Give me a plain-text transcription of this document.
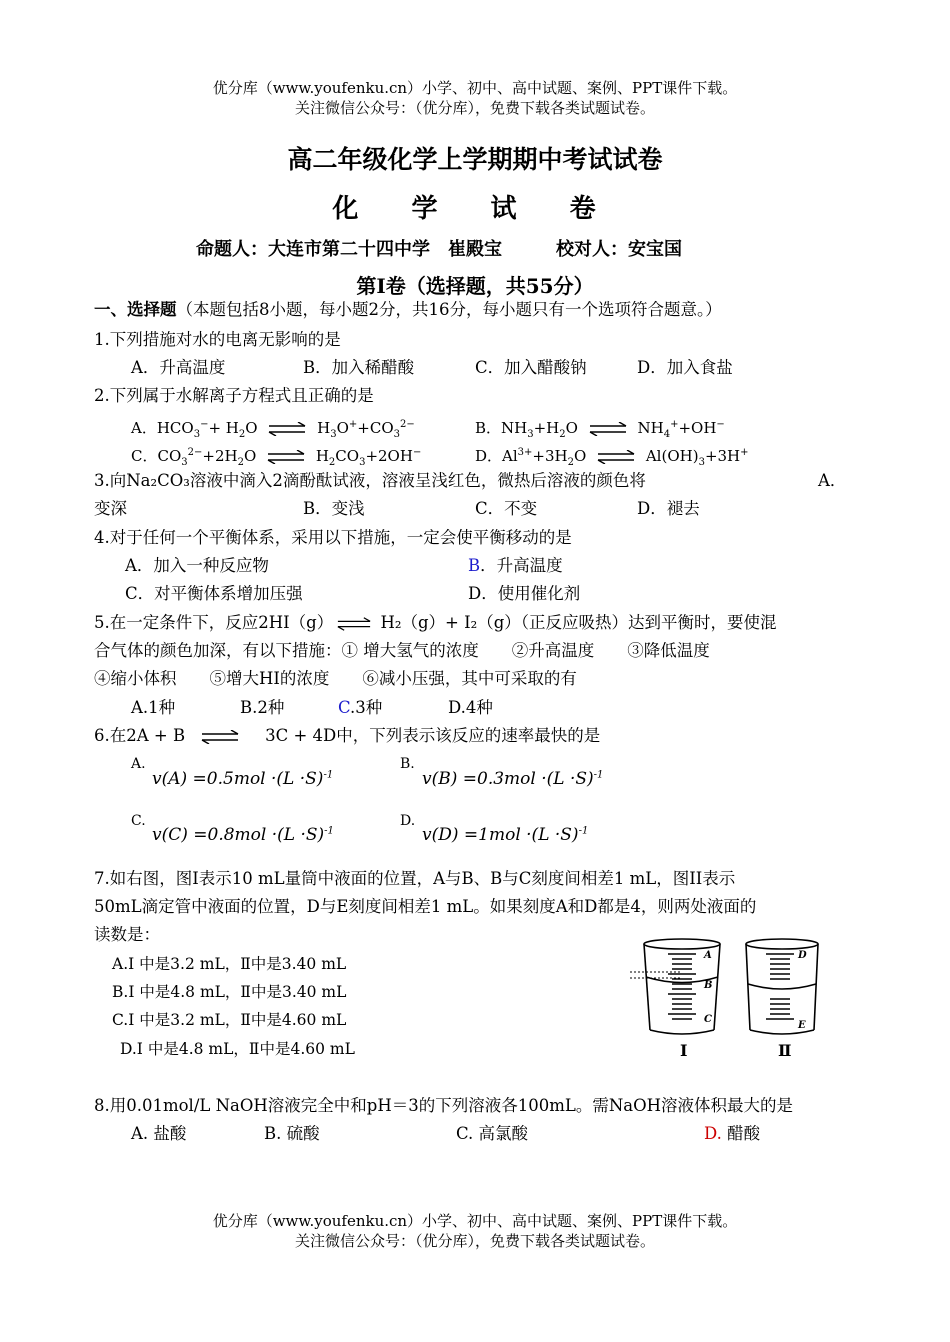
优分库（www.youfenku.cn）小学、初中、高中试题、案例、PPT课件下载。
关注微信公众号：（优分库），免费下载各类试题试卷。
高二年级化学上学期期中考试试卷
化 学 试 卷
命题人：大连市第二十四中学　崔殿宝　　　校对人：安宝国
第Ⅰ卷（选择题，共55分）
一、选择题（本题包括8小题，每小题2分，共16分，每小题只有一个选项符合题意。）
1.下列措施对水的电离无影响的是
A．升高温度	B．加入稀醋酸	C．加入醋酸钠	D．加入食盐
2.下列属于水解离子方程式且正确的是
A．$HCO_3^-+ H_2O$	$H_3O^++CO_3^{2-}$	B．$NH_3+H_2O$	$NH_4^++OH^-$
C．$CO_3^{2-}+2H_2O$	$H_2CO_3+2OH^-$	D．$Al^{3+}+3H_2O$	$Al(OH)_3+3H^+$
3.向Na₂CO₃溶液中滴入2滴酚酞试液，溶液呈浅红色，微热后溶液的颜色将	A．
变深	B．变浅	C．不变	D．褪去
4.对于任何一个平衡体系，采用以下措施，一定会使平衡移动的是
A．加入一种反应物	B．升高温度
C．对平衡体系增加压强	D．使用催化剂
5.在一定条件下，反应2HI（g）	H₂（g）+ I₂（g）（正反应吸热）达到平衡时，要使混
合气体的颜色加深，有以下措施：① 增大氢气的浓度　　②升高温度　　③降低温度
④缩小体积　　⑤增大HI的浓度　　⑥减小压强，其中可采取的有
A.1种	B.2种	C.3种	D.4种
6.在2A + B	3C + 4D中，下列表示该反应的速率最快的是
A.
$v(A) =0.5mol \cdot(L \cdot S)^{-1}$
B.
$v(B) =0.3mol \cdot(L \cdot S)^{-1}$
C.
$v(C) =0.8mol \cdot(L \cdot S)^{-1}$
D.
$v(D) =1mol \cdot(L \cdot S)^{-1}$
7.如右图，图Ⅰ表示10 mL量筒中液面的位置，A与B、B与C刻度间相差1 mL，图II表示
50mL滴定管中液面的位置，D与E刻度间相差1 mL。如果刻度A和D都是4，则两处液面的
读数是：
A.Ⅰ 中是3.2 mL，Ⅱ中是3.40 mL
B.Ⅰ 中是4.8 mL，Ⅱ中是3.40 mL
C.Ⅰ 中是3.2 mL，Ⅱ中是4.60 mL
D.Ⅰ 中是4.8 mL，Ⅱ中是4.60 mL
A
B
C
D
E
Ⅰ	Ⅱ
8.用0.01mol/L NaOH溶液完全中和pH＝3的下列溶液各100mL。需NaOH溶液体积最大的是
A. 盐酸	B. 硫酸	C. 高氯酸	D. 醋酸
优分库（www.youfenku.cn）小学、初中、高中试题、案例、PPT课件下载。
关注微信公众号：（优分库），免费下载各类试题试卷。
